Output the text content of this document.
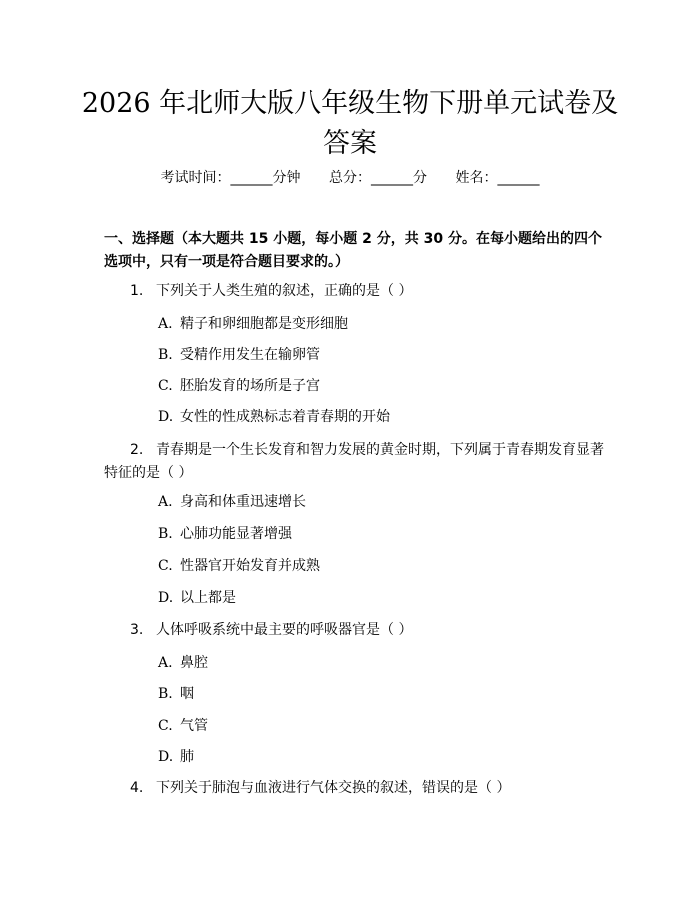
2026 年北师大版八年级生物下册单元试卷及答案
考试时间：______分钟 总分：______分 姓名：______
一、选择题（本大题共 15 小题，每小题 2 分，共 30 分。在每小题给出的四个选项中，只有一项是符合题目要求的。）
1. 下列关于人类生殖的叙述，正确的是（ ）
A. 精子和卵细胞都是变形细胞
B. 受精作用发生在输卵管
C. 胚胎发育的场所是子宫
D. 女性的性成熟标志着青春期的开始
2. 青春期是一个生长发育和智力发展的黄金时期，下列属于青春期发育显著特征的是（ ）
A. 身高和体重迅速增长
B. 心肺功能显著增强
C. 性器官开始发育并成熟
D. 以上都是
3. 人体呼吸系统中最主要的呼吸器官是（ ）
A. 鼻腔
B. 咽
C. 气管
D. 肺
4. 下列关于肺泡与血液进行气体交换的叙述，错误的是（ ）
